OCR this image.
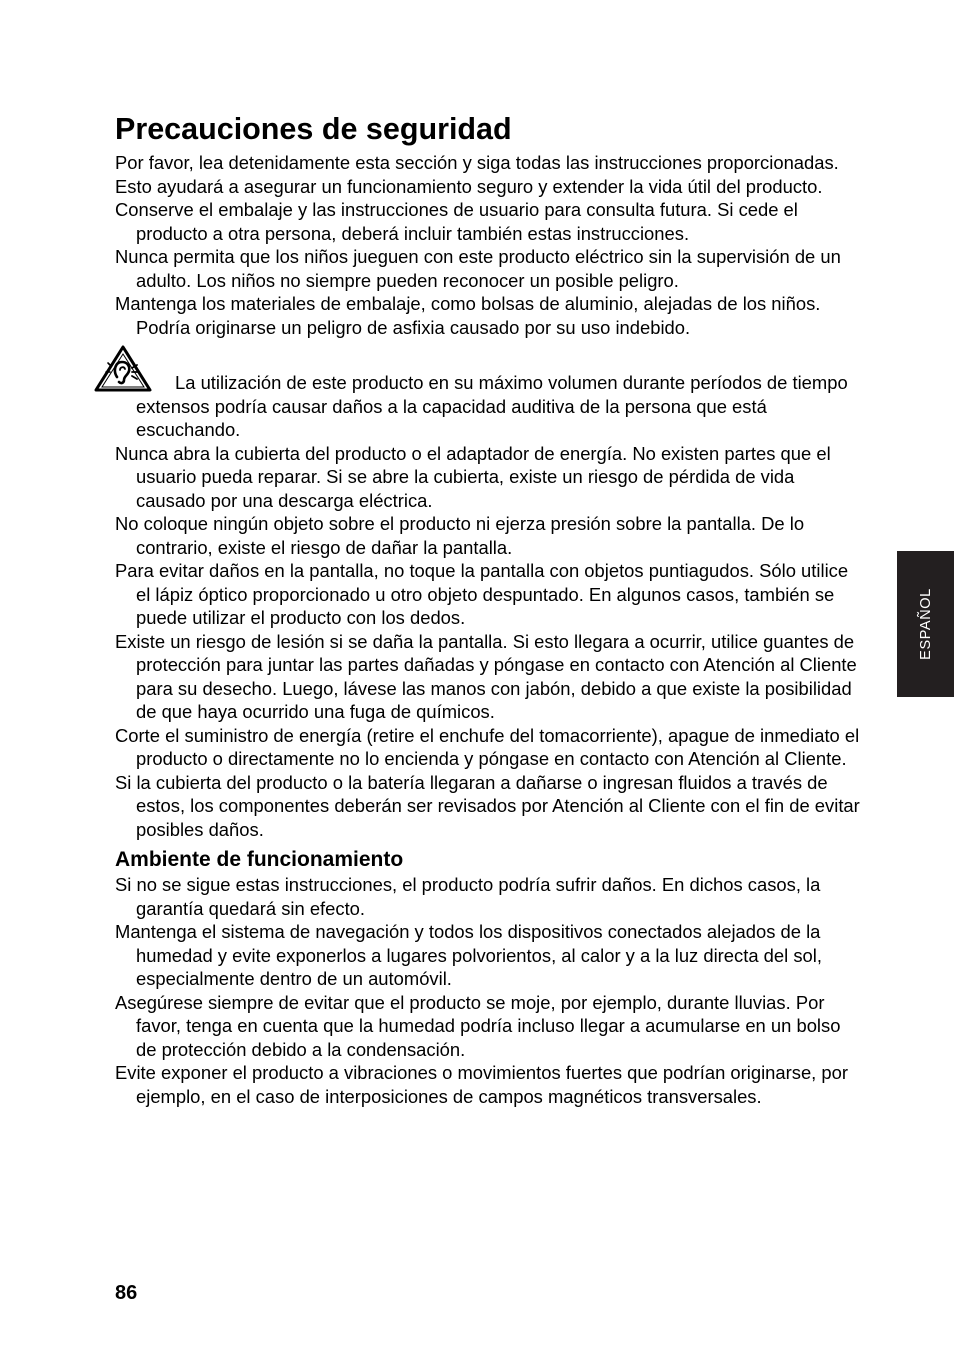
Precauciones de seguridad

Por favor, lea detenidamente esta sección y siga todas las instrucciones proporcionadas.

Esto ayudará a asegurar un funcionamiento seguro y extender la vida útil del producto.

Conserve el embalaje y las instrucciones de usuario para consulta futura. Si cede el producto a otra persona, deberá incluir también estas instrucciones.

Nunca permita que los niños jueguen con este producto eléctrico sin la supervisión de un adulto. Los niños no siempre pueden reconocer un posible peligro.

Mantenga los materiales de embalaje, como bolsas de aluminio, alejadas de los niños.

Podría originarse un peligro de asfixia causado por su uso indebido.

La utilización de este producto en su máximo volumen durante períodos de tiempo extensos podría causar daños a la capacidad auditiva de la persona que está escuchando.

Nunca abra la cubierta del producto o el adaptador de energía. No existen partes que el usuario pueda reparar. Si se abre la cubierta, existe un riesgo de pérdida de vida causado por una descarga eléctrica.

No coloque ningún objeto sobre el producto ni ejerza presión sobre la pantalla. De lo contrario, existe el riesgo de dañar la pantalla.

Para evitar daños en la pantalla, no toque la pantalla con objetos puntiagudos. Sólo utilice el lápiz óptico proporcionado u otro objeto despuntado. En algunos casos, también se puede utilizar el producto con los dedos.

Existe un riesgo de lesión si se daña la pantalla. Si esto llegara a ocurrir, utilice guantes de protección para juntar las partes dañadas y póngase en contacto con Atención al Cliente para su desecho. Luego, lávese las manos con jabón, debido a que existe la posibilidad de que haya ocurrido una fuga de químicos.

Corte el suministro de energía (retire el enchufe del tomacorriente), apague de inmediato el producto o directamente no lo encienda y póngase en contacto con Atención al Cliente.

Si la cubierta del producto o la batería llegaran a dañarse o ingresan fluidos a través de estos, los componentes deberán ser revisados por Atención al Cliente con el fin de evitar posibles daños.

Ambiente de funcionamiento

Si no se sigue estas instrucciones, el producto podría sufrir daños. En dichos casos, la garantía quedará sin efecto.

Mantenga el sistema de navegación y todos los dispositivos conectados alejados de la humedad y evite exponerlos a lugares polvorientos, al calor y a la luz directa del sol, especialmente dentro de un automóvil.

Asegúrese siempre de evitar que el producto se moje, por ejemplo, durante lluvias. Por favor, tenga en cuenta que la humedad podría incluso llegar a acumularse en un bolso de protección debido a la condensación.

Evite exponer el producto a vibraciones o movimientos fuertes que podrían originarse, por ejemplo, en el caso de interposiciones de campos magnéticos transversales.

ESPAÑOL
86
